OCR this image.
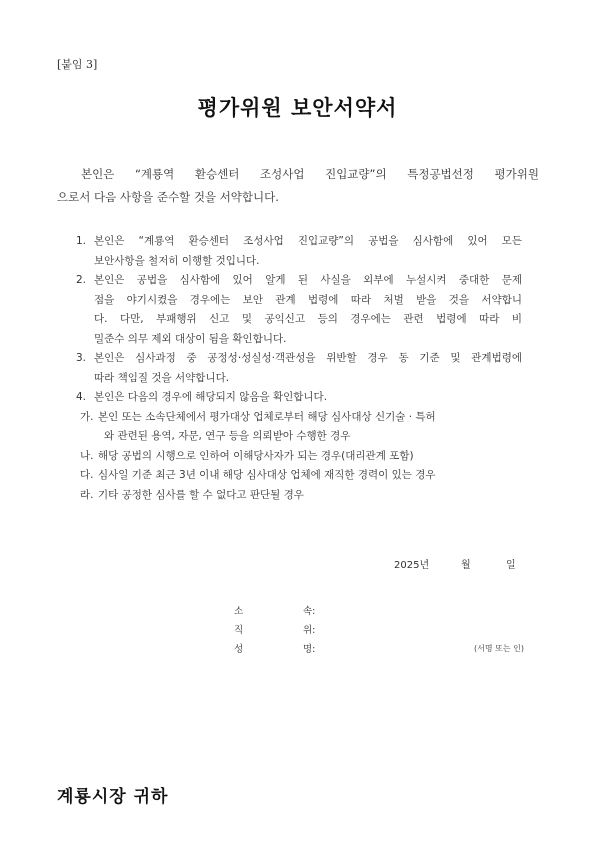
[붙임 3]
평가위원 보안서약서
본인은 “계룡역 환승센터 조성사업 진입교량”의 특정공법선정 평가위원
으로서 다음 사항을 준수할 것을 서약합니다.
1. 본인은 “계룡역 환승센터 조성사업 진입교량”의 공법을 심사함에 있어 모든
보안사항을 철저히 이행할 것입니다.
2. 본인은 공법을 심사함에 있어 알게 된 사실을 외부에 누설시켜 중대한 문제
점을 야기시켰을 경우에는 보안 관계 법령에 따라 처벌 받을 것을 서약합니
다. 다만, 부패행위 신고 및 공익신고 등의 경우에는 관련 법령에 따라 비
밀준수 의무 제외 대상이 됨을 확인합니다.
3. 본인은 심사과정 중 공정성·성실성·객관성을 위반할 경우 동 기준 및 관계법령에
따라 책임질 것을 서약합니다.
4. 본인은 다음의 경우에 해당되지 않음을 확인합니다.
가. 본인 또는 소속단체에서 평가대상 업체로부터 해당 심사대상 신기술 · 특허
와 관련된 용역, 자문, 연구 등을 의뢰받아 수행한 경우
나. 해당 공법의 시행으로 인하여 이해당사자가 되는 경우(대리관계 포함)
다. 심사일 기준 최근 3년 이내 해당 심사대상 업체에 재직한 경력이 있는 경우
라. 기타 공정한 심사를 할 수 없다고 판단될 경우
2025년	월	일
소	속:
직	위:
성	명:	(서명 또는 인)
계룡시장 귀하
